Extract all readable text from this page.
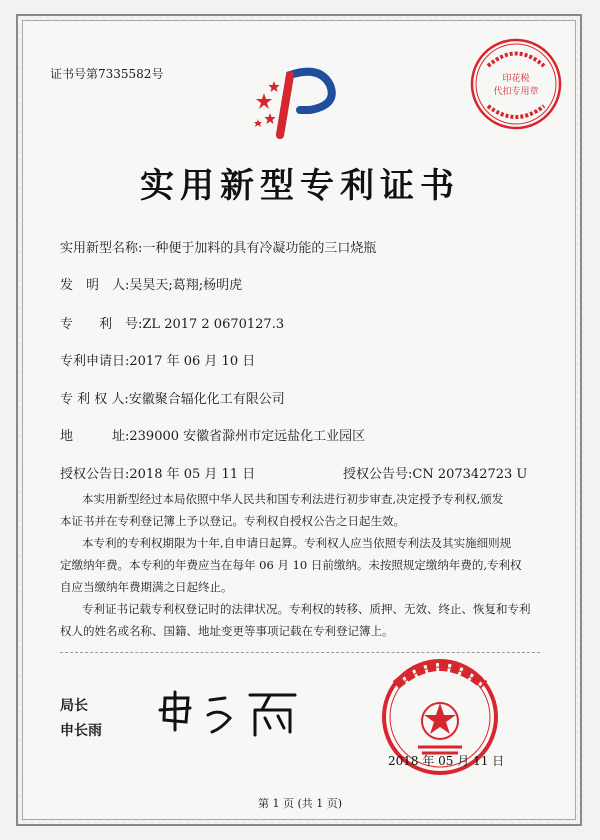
证书号第7335582号	印花税
代扣专用章
实用新型专利证书
实用新型名称:一种便于加料的具有冷凝功能的三口烧瓶
发　明　人:吴昊天;葛翔;杨明虎
专　　利　号:ZL 2017 2 0670127.3
专利申请日:2017 年 06 月 10 日
专 利 权 人:安徽聚合辐化化工有限公司
地　　　址:239000 安徽省滁州市定远盐化工业园区
授权公告日:2018 年 05 月 11 日	授权公告号:CN 207342723 U
本实用新型经过本局依照中华人民共和国专利法进行初步审查,决定授予专利权,颁发
本证书并在专利登记簿上予以登记。专利权自授权公告之日起生效。
本专利的专利权期限为十年,自申请日起算。专利权人应当依照专利法及其实施细则规
定缴纳年费。本专利的年费应当在每年 06 月 10 日前缴纳。未按照规定缴纳年费的,专利权
自应当缴纳年费期满之日起终止。
专利证书记载专利权登记时的法律状况。专利权的转移、质押、无效、终止、恢复和专利
权人的姓名或名称、国籍、地址变更等事项记载在专利登记簿上。
局长
申长雨
2018 年 05 月 11 日
第 1 页 (共 1 页)
